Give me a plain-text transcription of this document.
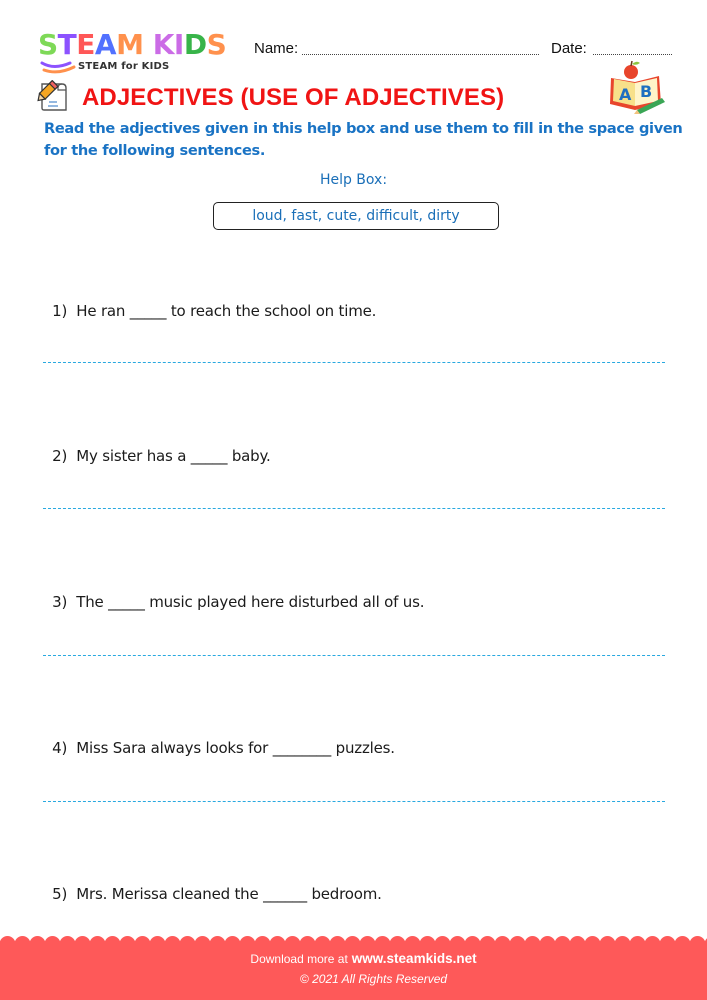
STEAM KIDS
STEAM for KIDS
Name:	Date:
ADJECTIVES (USE OF ADJECTIVES)	A B
Read the adjectives given in this help box and use them to fill in the space given for the following sentences.
Help Box:
loud, fast, cute, difficult, dirty

1) He ran _____ to reach the school on time.

2) My sister has a _____ baby.

3) The _____ music played here disturbed all of us.

4) Miss Sara always looks for ________ puzzles.

5) Mrs. Merissa cleaned the ______ bedroom.

Download more at www.steamkids.net
© 2021 All Rights Reserved
